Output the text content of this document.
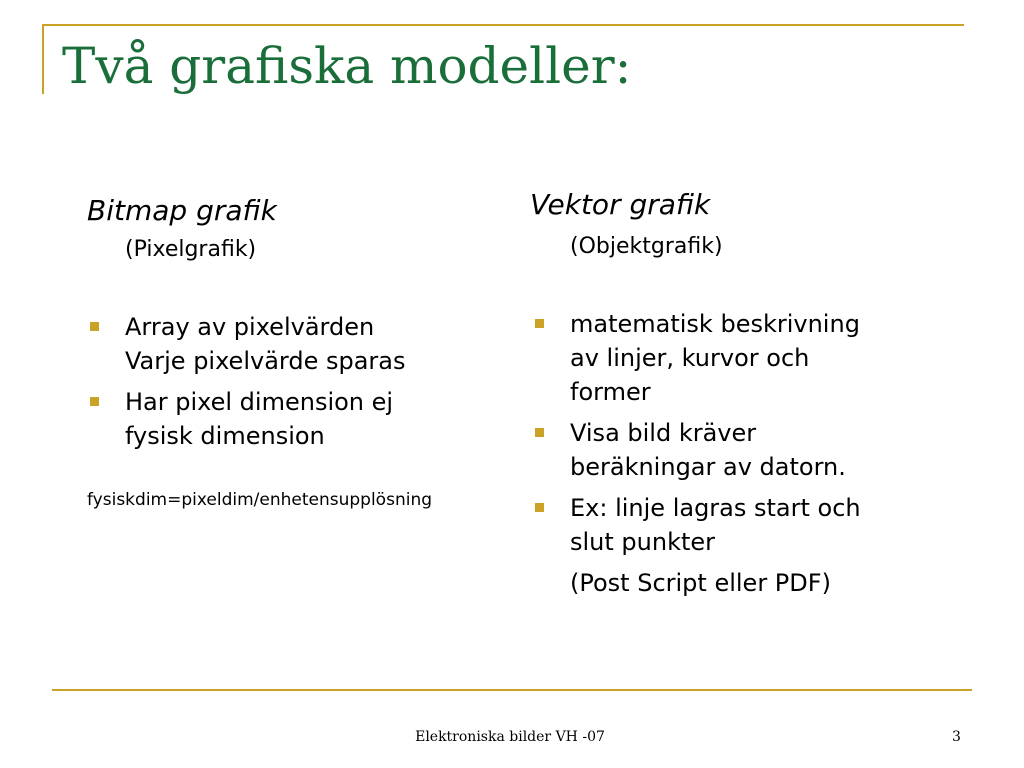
Två grafiska modeller:
Bitmap grafik
(Pixelgrafik)
Array av pixelvärden
Varje pixelvärde sparas
Har pixel dimension ej
fysisk dimension
fysiskdim=pixeldim/enhetensupplösning
Vektor grafik
(Objektgrafik)
matematisk beskrivning
av linjer, kurvor och
former
Visa bild kräver
beräkningar av datorn.
Ex: linje lagras start och
slut punkter
(Post Script eller PDF)
Elektroniska bilder VH -07	3
